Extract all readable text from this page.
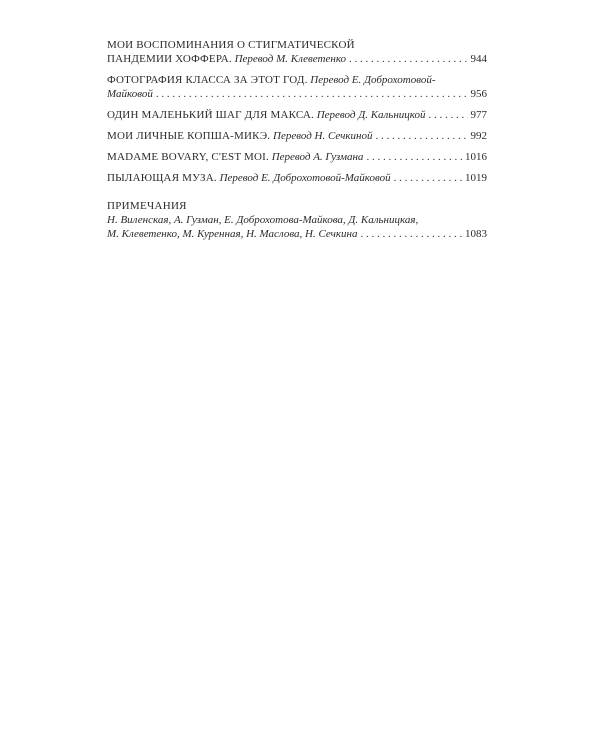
МОИ ВОСПОМИНАНИЯ О СТИГМАТИЧЕСКОЙ
ПАНДЕМИИ ХОФФЕРА.
Перевод М. Клеветенко . . .	944
ФОТОГРАФИЯ КЛАССА ЗА ЭТОТ ГОД.
Перевод Е. Доброхотовой-
Майковой . . .	956
ОДИН МАЛЕНЬКИЙ ШАГ ДЛЯ МАКСА.
Перевод Д. Кальницкой . . .	977
МОИ ЛИЧНЫЕ КОПША-МИКЭ.
Перевод Н. Сечкиной . . .	992
MADAME BOVARY, C'EST MOI.
Перевод А. Гузмана . . .	1016
ПЫЛАЮЩАЯ МУЗА.
Перевод Е. Доброхотовой-Майковой . . .	1019
ПРИМЕЧАНИЯ
Н. Виленская, А. Гузман, Е. Доброхотова-Майкова, Д. Кальницкая,
М. Клеветенко, М. Куренная, Н. Маслова, Н. Сечкина . . .	1083
